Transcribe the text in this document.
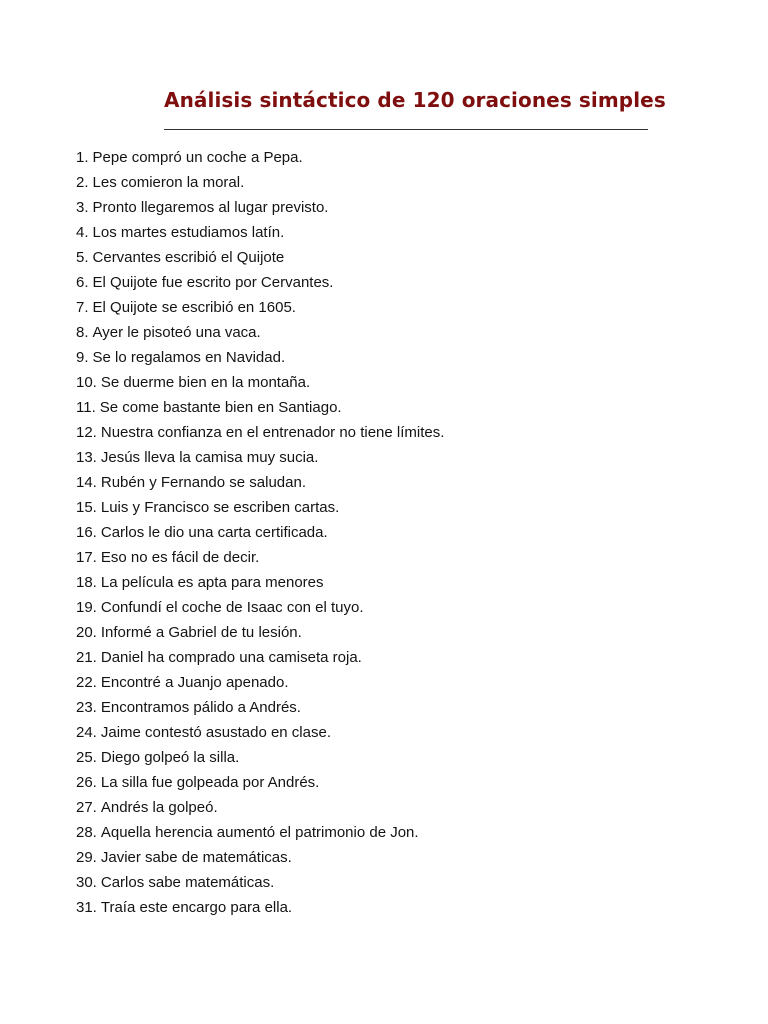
Análisis sintáctico de 120 oraciones simples
1. Pepe compró un coche a Pepa.
2. Les comieron la moral.
3. Pronto llegaremos al lugar previsto.
4. Los martes estudiamos latín.
5. Cervantes escribió el Quijote
6. El Quijote fue escrito por Cervantes.
7. El Quijote se escribió en 1605.
8. Ayer le pisoteó una vaca.
9. Se lo regalamos en Navidad.
10. Se duerme bien en la montaña.
11. Se come bastante bien en Santiago.
12. Nuestra confianza en el entrenador no tiene límites.
13. Jesús lleva la camisa muy sucia.
14. Rubén y Fernando se saludan.
15. Luis y Francisco se escriben cartas.
16. Carlos le dio una carta certificada.
17. Eso no es fácil de decir.
18. La película es apta para menores
19. Confundí el coche de Isaac con el tuyo.
20. Informé a Gabriel de tu lesión.
21. Daniel ha comprado una camiseta roja.
22. Encontré a Juanjo apenado.
23. Encontramos pálido a Andrés.
24. Jaime contestó asustado en clase.
25. Diego golpeó la silla.
26. La silla fue golpeada por Andrés.
27. Andrés la golpeó.
28. Aquella herencia aumentó el patrimonio de Jon.
29. Javier sabe de matemáticas.
30. Carlos sabe matemáticas.
31. Traía este encargo para ella.
